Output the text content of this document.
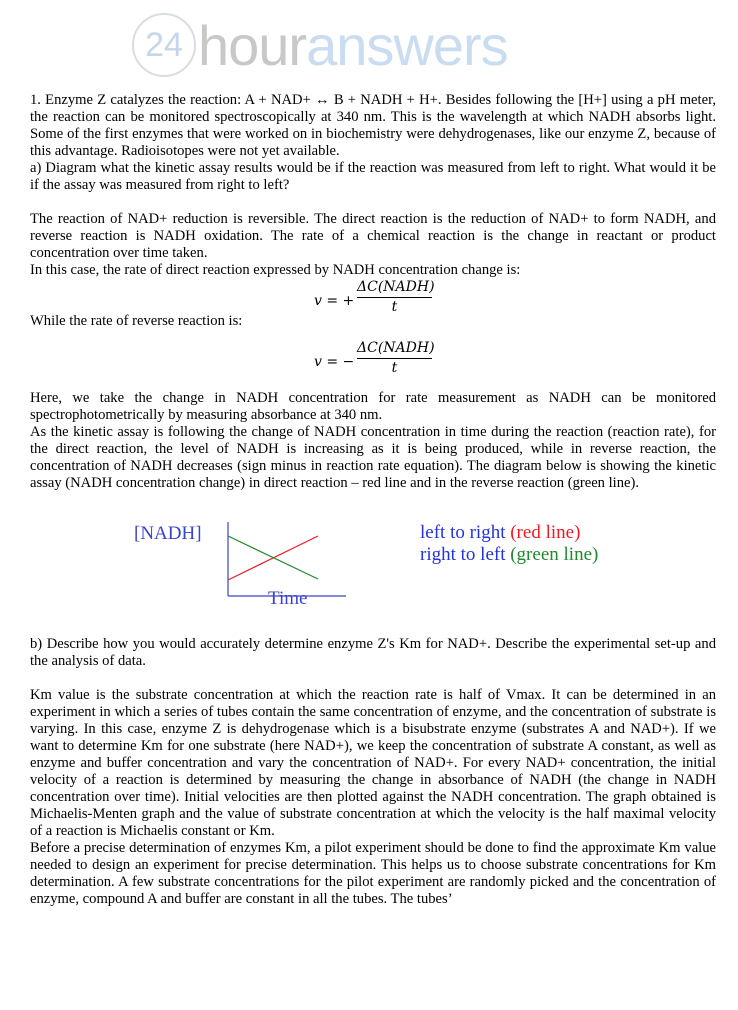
24 houranswers

1. Enzyme Z catalyzes the reaction: A + NAD+ ↔ B + NADH + H+. Besides following the [H+] using a pH meter, the reaction can be monitored spectroscopically at 340 nm. This is the wavelength at which NADH absorbs light. Some of the first enzymes that were worked on in biochemistry were dehydrogenases, like our enzyme Z, because of this advantage. Radioisotopes were not yet available.

a) Diagram what the kinetic assay results would be if the reaction was measured from left to right. What would it be if the assay was measured from right to left?

The reaction of NAD+ reduction is reversible. The direct reaction is the reduction of NAD+ to form NADH, and reverse reaction is NADH oxidation. The rate of a chemical reaction is the change in reactant or product concentration over time taken.

In this case, the rate of direct reaction expressed by NADH concentration change is:

v = +
ΔC(NADH)
t

While the rate of reverse reaction is:

v = −
ΔC(NADH)
t

Here, we take the change in NADH concentration for rate measurement as NADH can be monitored spectrophotometrically by measuring absorbance at 340 nm.

As the kinetic assay is following the change of NADH concentration in time during the reaction (reaction rate), for the direct reaction, the level of NADH is increasing as it is being produced, while in reverse reaction, the concentration of NADH decreases (sign minus in reaction rate equation). The diagram below is showing the kinetic assay (NADH concentration change) in direct reaction – red line and in the reverse reaction (green line).

[NADH]
Time
left to right (red line)
right to left (green line)

b) Describe how you would accurately determine enzyme Z's Km for NAD+. Describe the experimental set-up and the analysis of data.

Km value is the substrate concentration at which the reaction rate is half of Vmax. It can be determined in an experiment in which a series of tubes contain the same concentration of enzyme, and the concentration of substrate is varying. In this case, enzyme Z is dehydrogenase which is a bisubstrate enzyme (substrates A and NAD+). If we want to determine Km for one substrate (here NAD+), we keep the concentration of substrate A constant, as well as enzyme and buffer concentration and vary the concentration of NAD+. For every NAD+ concentration, the initial velocity of a reaction is determined by measuring the change in absorbance of NADH (the change in NADH concentration over time). Initial velocities are then plotted against the NADH concentration. The graph obtained is Michaelis-Menten graph and the value of substrate concentration at which the velocity is the half maximal velocity of a reaction is Michaelis constant or Km.

Before a precise determination of enzymes Km, a pilot experiment should be done to find the approximate Km value needed to design an experiment for precise determination. This helps us to choose substrate concentrations for Km determination. A few substrate concentrations for the pilot experiment are randomly picked and the concentration of enzyme, compound A and buffer are constant in all the tubes. The tubes’
